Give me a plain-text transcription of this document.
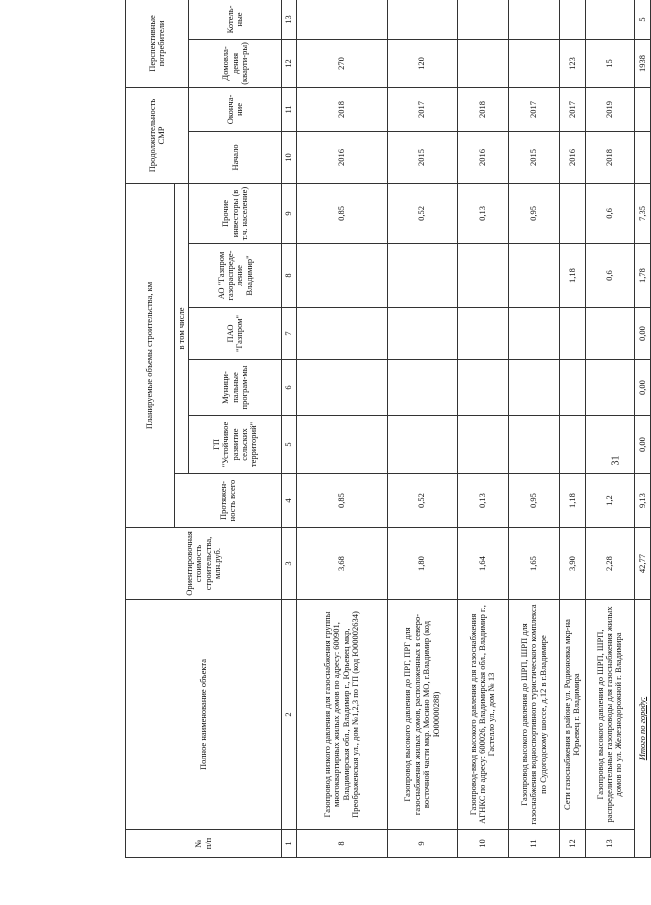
№
п/п	Полное наименование объекта	Ориентировочная стоимость строительства, млн.руб.	Планируемые объемы строительства, км						Продолжительность СМР		Перспективные потребители	
			Протяжен-ность всего	в том числе								
				ГП "Устойчивое развитие сельских территорий"	Муници-пальные програм-мы	ПАО "Газпром"	АО "Газпром газораспреде-ление Владимир"	Прочие инвесторы (в т.ч. население)	Начало	Оконча-ние	Домовла-дения (кварти-ры)	Котель-ные
1	2	3	4	5	6	7	8	9	10	11	12	13
8	Газопровод низкого давления для газоснабжения группы многоквартирных жилых домов по адресу: 600901, Владимирская обл., Владимир г., Юрьевец мкр, Преображенская ул., дом №1,2,3 по ГП (код Ю00002634)	3,68	0,85					0,85	2016	2018	270	
9	Газопровод высокого давления до ПРГ, ПРГ для газоснабжения жилых домов, расположенных в северо-восточной части мкр. Мосино МО, г.Владимир (код Ю00000288)	1,80	0,52					0,52	2015	2017	120	
10	Газопровод-ввод высокого давления для газоснабжения АГНКС по адресу: 600026, Владимирская обл., Владимир г., Гастелло ул., дом № 13	1,64	0,13					0,13	2016	2018		
11	Газопровод высокого давления до ШРП, ШРП для газоснабжения водноспортивного туристического комплекса по Судогодскому шоссе, д.12 в г.Владимире	1,65	0,95					0,95	2015	2017		
12	Сети газоснабжения в районе ул. Родионовка мкр-на Юрьевец г. Владимира	3,90	1,18				1,18		2016	2017	123	
13	Газопровод высокого давления до ШРП, ШРП, распределительные газопроводы для газоснабжения жилых домов по ул. Железнодорожной г. Владимира	2,28	1,2				0,6	0,6	2018	2019	15	
Итого по городу:		42,77	9,13	0,00	0,00	0,00	1,78	7,35			1938	5
31
